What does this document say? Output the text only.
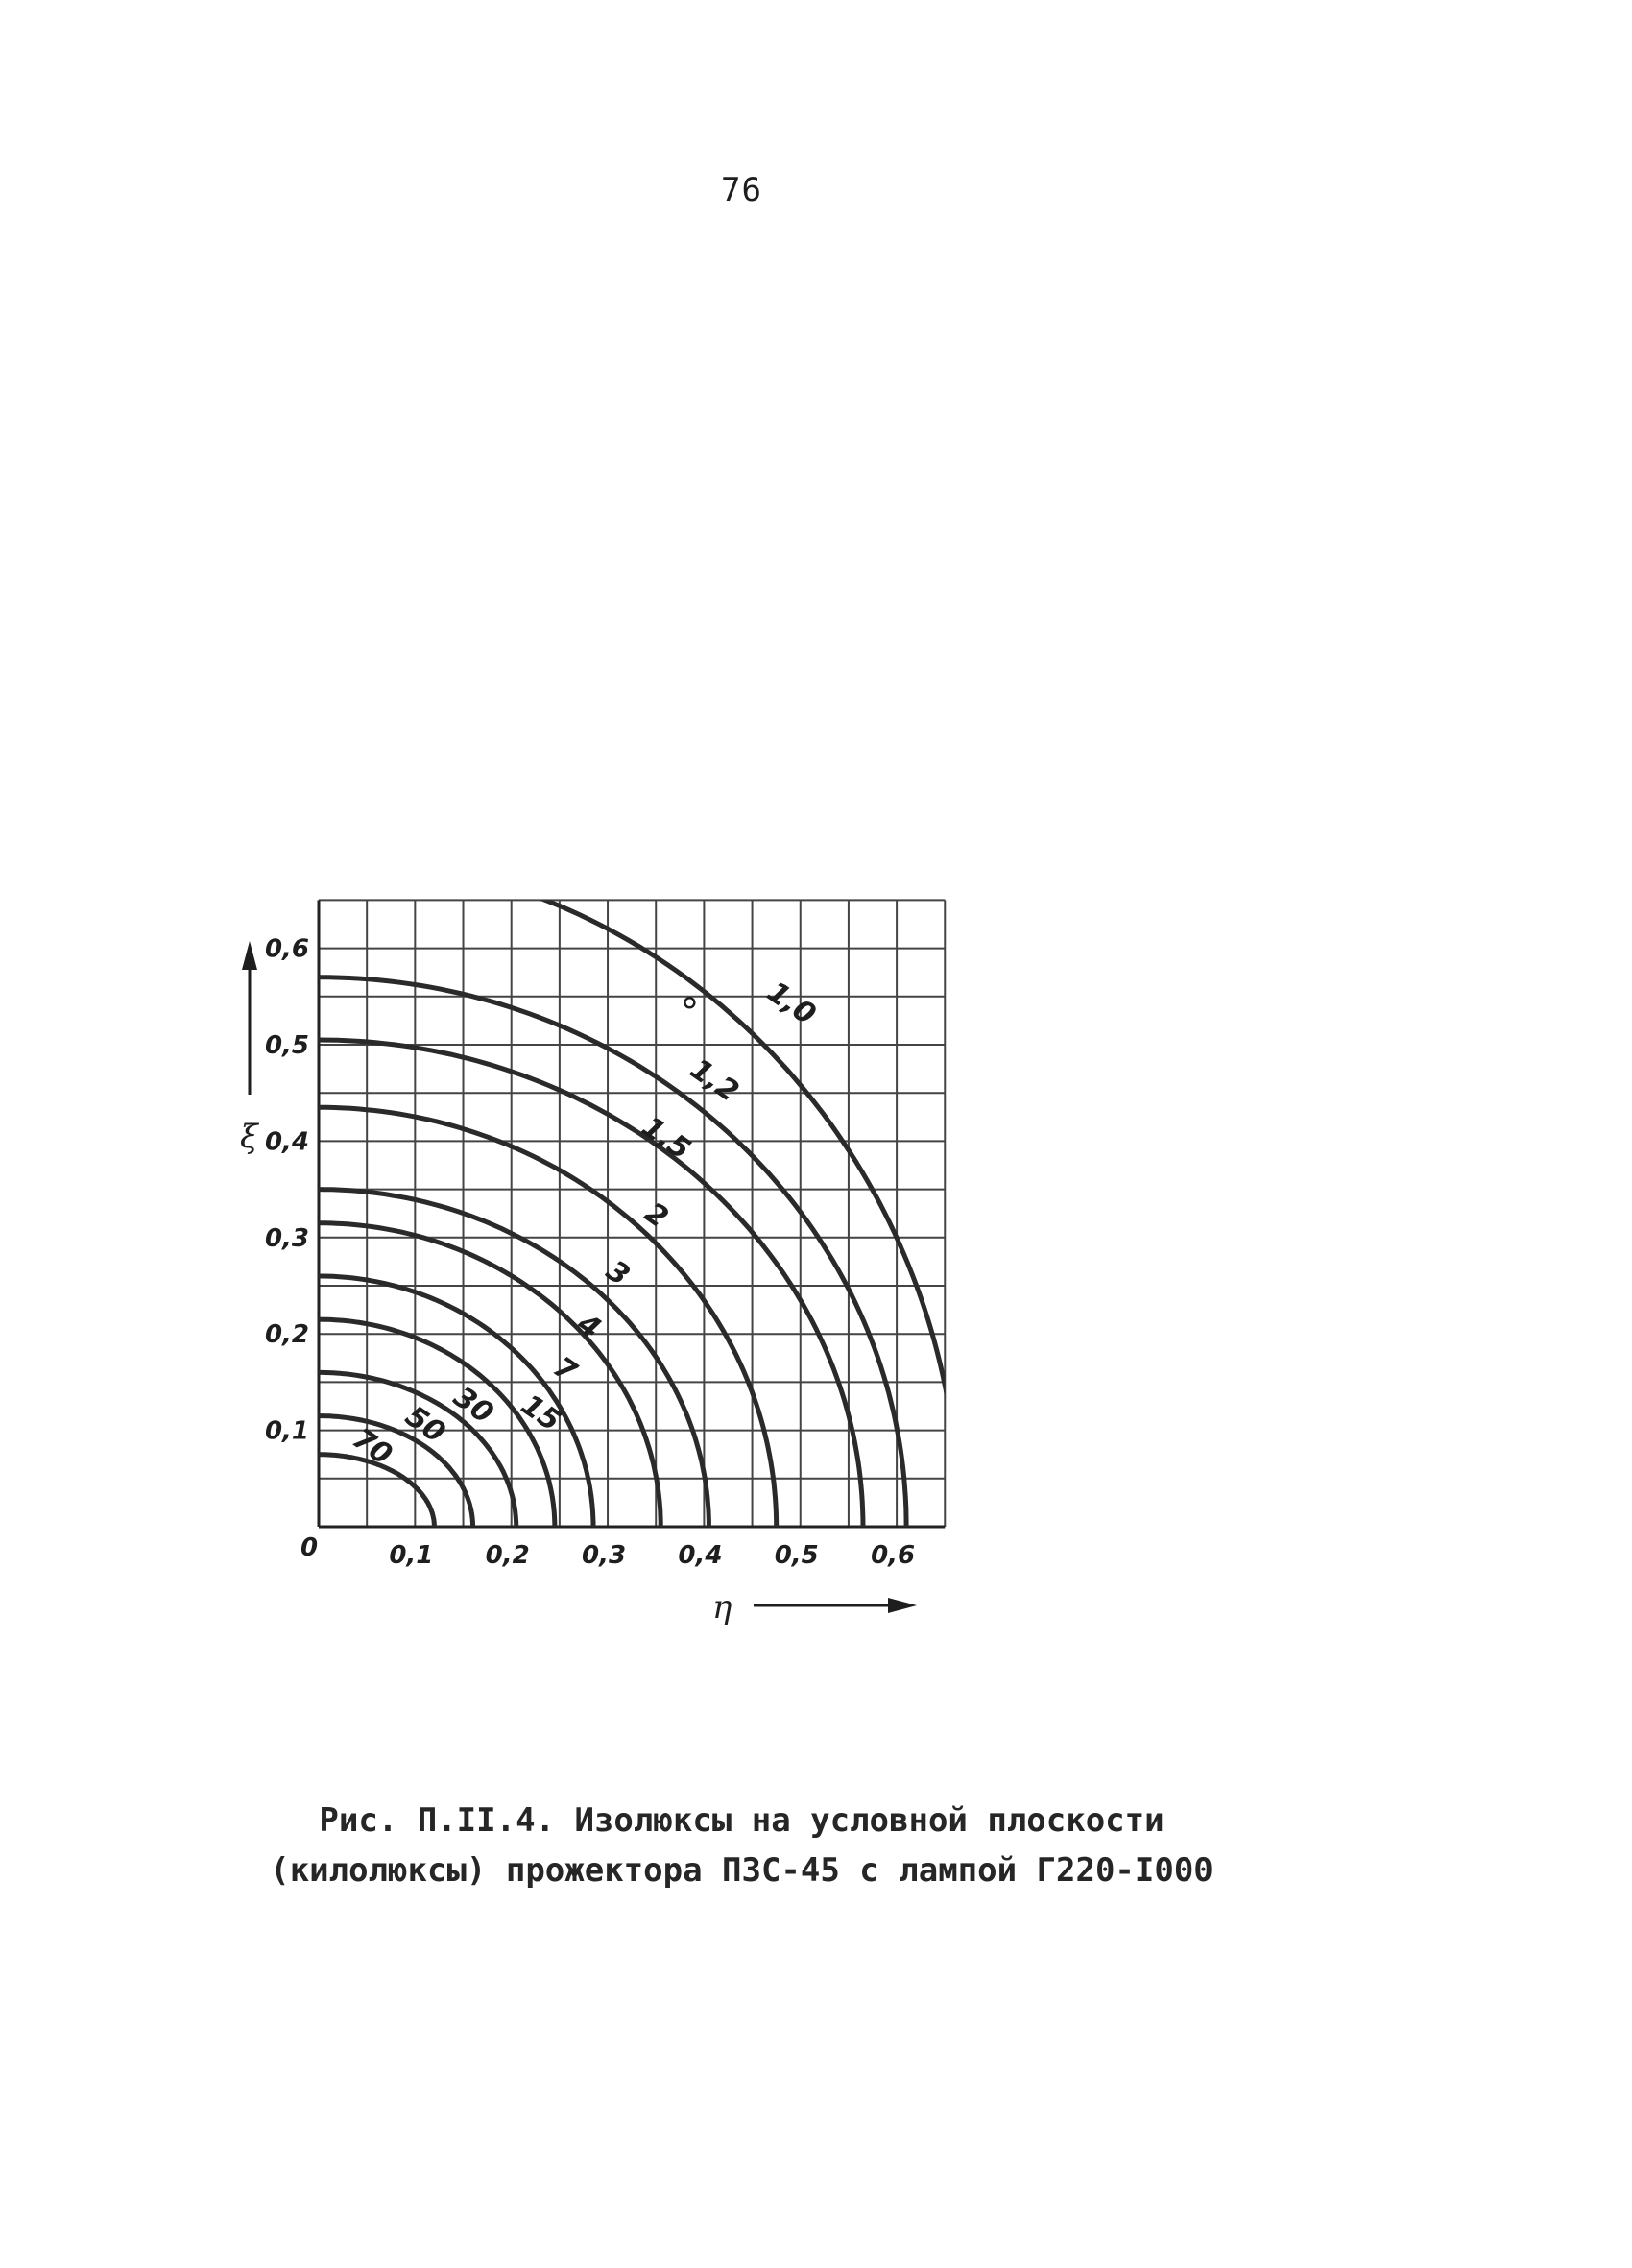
76
70 50
30 15
7
4
3
2
1,5
1,2
1,0
°
0
η
ξ
0,1 0,2 0,3 0,4 0,5 0,6
0,1
0,2
0,3
0,4
0,5
0,6
Рис. П.II.4. Изолюксы на условной плоскости
(килолюксы) прожектора ПЗС-45 с лампой Г220-I000
